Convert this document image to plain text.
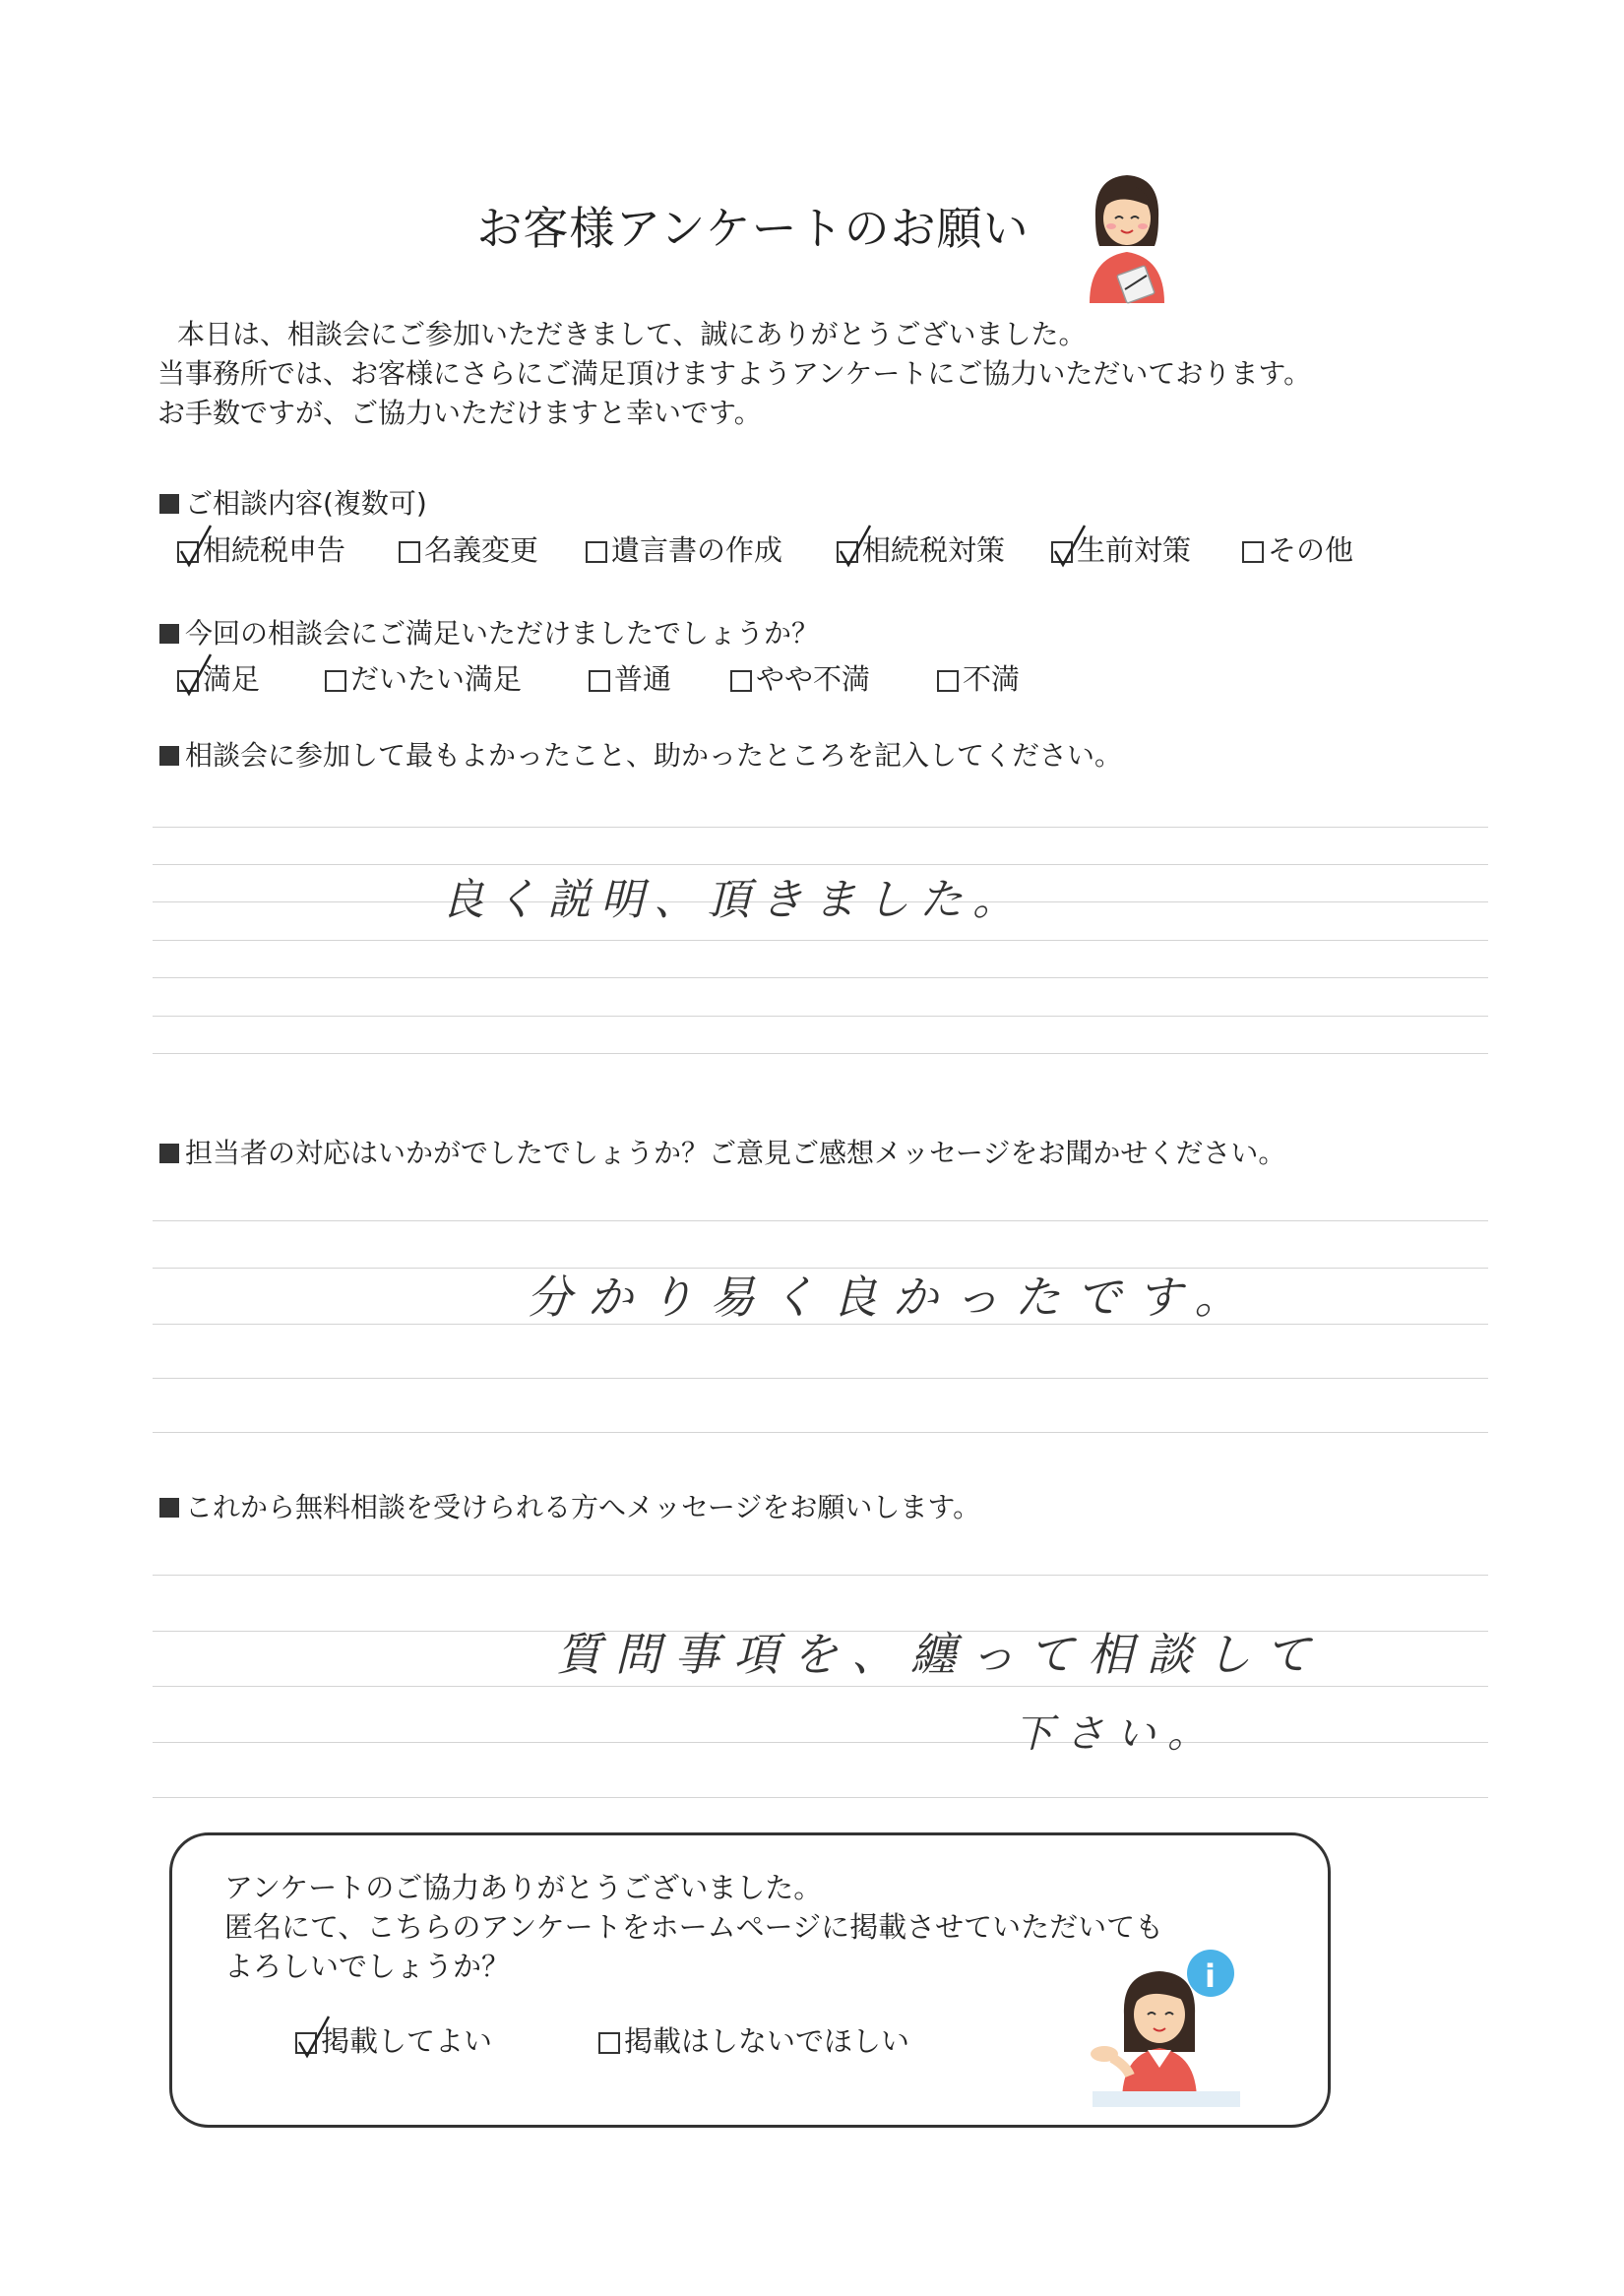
お客様アンケートのお願い
本日は、相談会にご参加いただきまして、誠にありがとうございました。
当事務所では、お客様にさらにご満足頂けますようアンケートにご協力いただいております。
お手数ですが、ご協力いただけますと幸いです。
ご相談内容(複数可)
相続税申告	名義変更	遺言書の作成	相続税対策	生前対策	その他
今回の相談会にご満足いただけましたでしょうか？
満足	だいたい満足	普通	やや不満	不満
相談会に参加して最もよかったこと、助かったところを記入してください。
良く説明、頂きました。
担当者の対応はいかがでしたでしょうか？ご意見ご感想メッセージをお聞かせください。
分かり易く良かったです。
これから無料相談を受けられる方へメッセージをお願いします。
質問事項を、纏って相談して
下さい。
アンケートのご協力ありがとうございました。
匿名にて、こちらのアンケートをホームページに掲載させていただいても
よろしいでしょうか？
掲載してよい	掲載はしないでほしい
i
